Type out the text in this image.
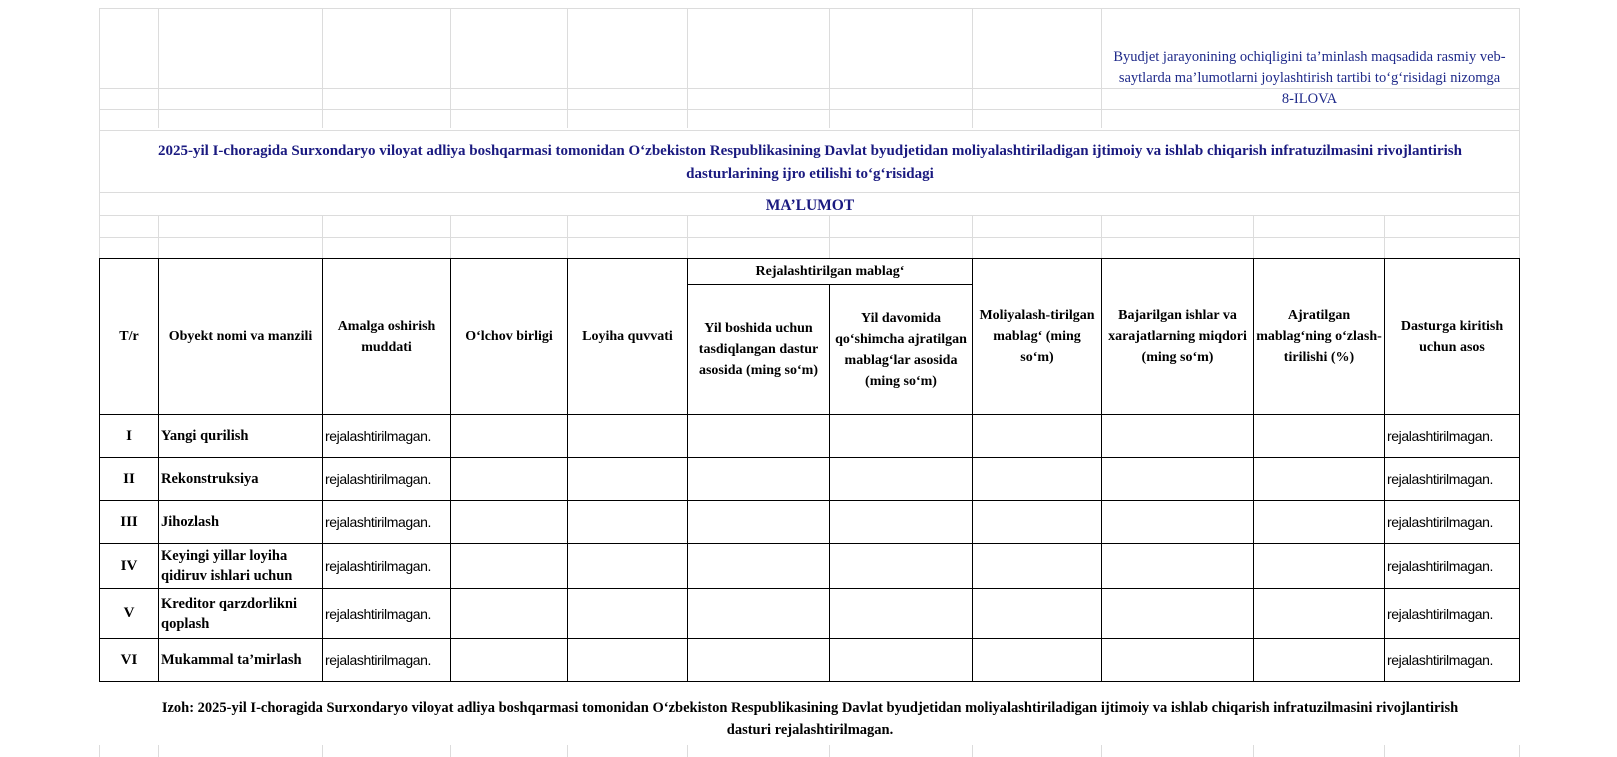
Byudjet jarayonining ochiqligini ta’minlash maqsadida rasmiy veb-
saytlarda ma’lumotlarni joylashtirish tartibi to‘g‘risidagi nizomga
8-ILOVA
2025-yil I-choragida Surxondaryo viloyat adliya boshqarmasi tomonidan O‘zbekiston Respublikasining Davlat byudjetidan moliyalashtiriladigan ijtimoiy va ishlab chiqarish infratuzilmasini rivojlantirish
dasturlarining ijro etilishi to‘g‘risidagi
MA’LUMOT
T/r	Obyekt nomi va manzili	Amalga oshirish muddati	O‘lchov birligi	Loyiha quvvati	Rejalashtirilgan mablag‘		Moliyalash-tirilgan mablag‘ (ming so‘m)	Bajarilgan ishlar va xarajatlarning miqdori (ming so‘m)	Ajratilgan mablag‘ning o‘zlash-tirilishi (%)	Dasturga kiritish uchun asos
					Yil boshida uchun tasdiqlangan dastur asosida (ming so‘m)	Yil davomida qo‘shimcha ajratilgan mablag‘lar asosida (ming so‘m)				
I	Yangi qurilish	rejalashtirilmagan.								rejalashtirilmagan.
II	Rekonstruksiya	rejalashtirilmagan.								rejalashtirilmagan.
III	Jihozlash	rejalashtirilmagan.								rejalashtirilmagan.
IV	Keyingi yillar loyiha qidiruv ishlari uchun	rejalashtirilmagan.								rejalashtirilmagan.
V	Kreditor qarzdorlikni qoplash	rejalashtirilmagan.								rejalashtirilmagan.
VI	Mukammal ta’mirlash	rejalashtirilmagan.								rejalashtirilmagan.
Izoh: 2025-yil I-choragida Surxondaryo viloyat adliya boshqarmasi tomonidan O‘zbekiston Respublikasining Davlat byudjetidan moliyalashtiriladigan ijtimoiy va ishlab chiqarish infratuzilmasini rivojlantirish
dasturi rejalashtirilmagan.
